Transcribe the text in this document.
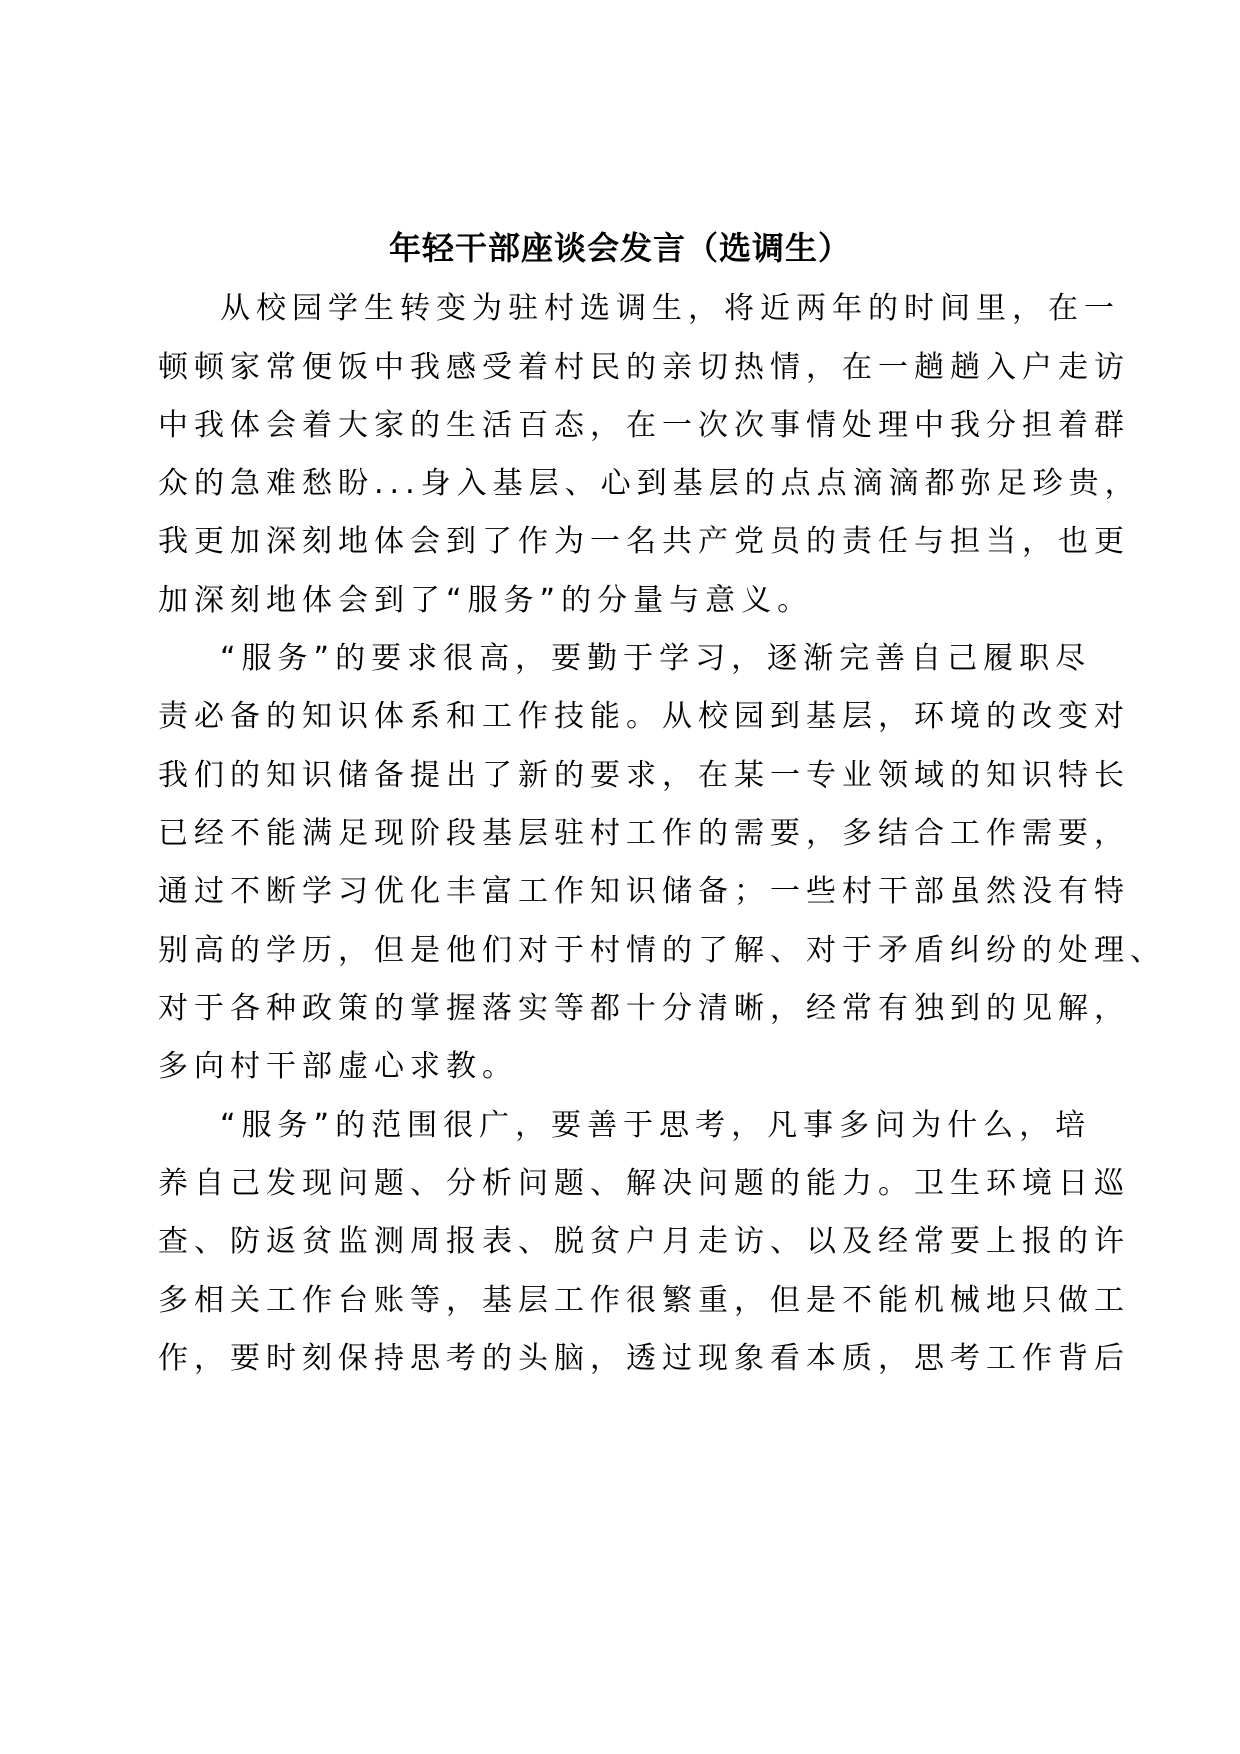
年轻干部座谈会发言（选调生）
从校园学生转变为驻村选调生，将近两年的时间里，在一
顿顿家常便饭中我感受着村民的亲切热情，在一趟趟入户走访
中我体会着大家的生活百态，在一次次事情处理中我分担着群
众的急难愁盼...身入基层、心到基层的点点滴滴都弥足珍贵，
我更加深刻地体会到了作为一名共产党员的责任与担当，也更
加深刻地体会到了“服务”的分量与意义。
“服务”的要求很高，要勤于学习，逐渐完善自己履职尽
责必备的知识体系和工作技能。从校园到基层，环境的改变对
我们的知识储备提出了新的要求，在某一专业领域的知识特长
已经不能满足现阶段基层驻村工作的需要，多结合工作需要，
通过不断学习优化丰富工作知识储备；一些村干部虽然没有特
别高的学历，但是他们对于村情的了解、对于矛盾纠纷的处理、
对于各种政策的掌握落实等都十分清晰，经常有独到的见解，
多向村干部虚心求教。
“服务”的范围很广，要善于思考，凡事多问为什么，培
养自己发现问题、分析问题、解决问题的能力。卫生环境日巡
查、防返贫监测周报表、脱贫户月走访、以及经常要上报的许
多相关工作台账等，基层工作很繁重，但是不能机械地只做工
作，要时刻保持思考的头脑，透过现象看本质，思考工作背后
